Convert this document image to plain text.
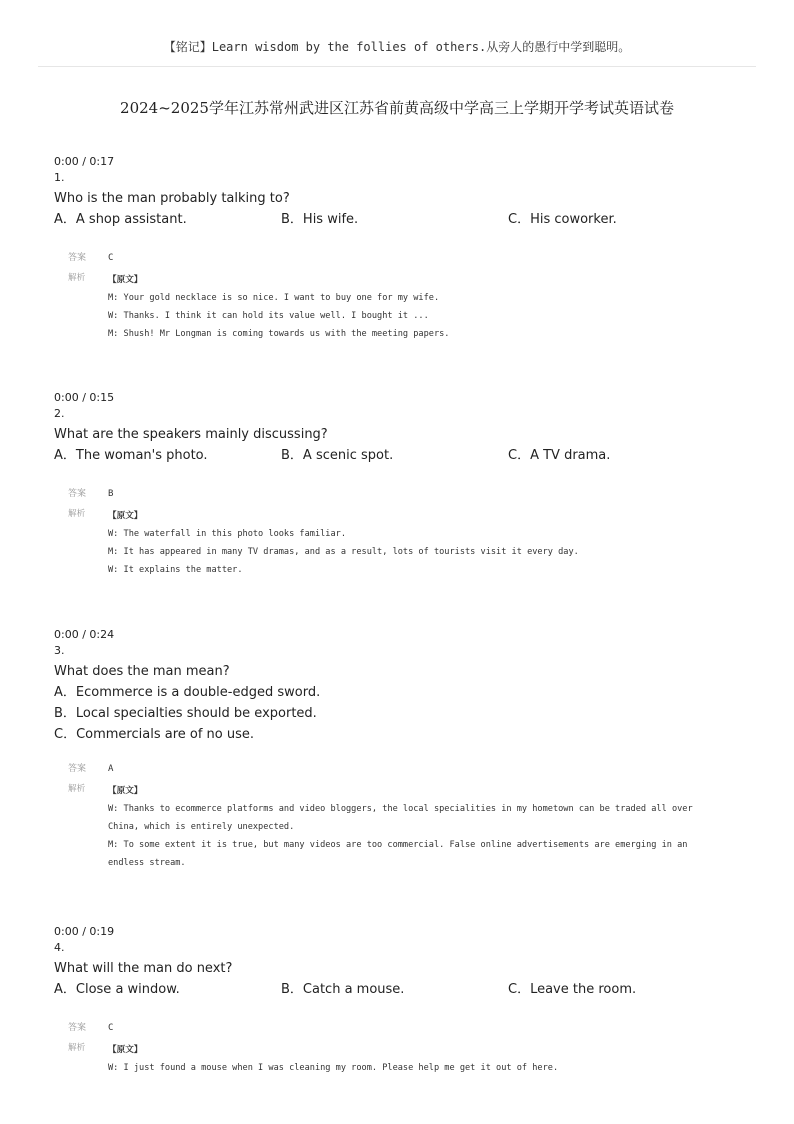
【铭记】Learn wisdom by the follies of others.从旁人的愚行中学到聪明。
2024~2025学年江苏常州武进区江苏省前黄高级中学高三上学期开学考试英语试卷
0:00 / 0:17
1.
Who is the man probably talking to?
A．A shop assistant.	B．His wife.	C．His coworker.
答案 C
解析	【原文】
M: Your gold necklace is so nice. I want to buy one for my wife.
W: Thanks. I think it can hold its value well. I bought it ...
M: Shush! Mr Longman is coming towards us with the meeting papers.
0:00 / 0:15
2.
What are the speakers mainly discussing?
A．The woman's photo.	B．A scenic spot.	C．A TV drama.
答案 B
解析	【原文】
W: The waterfall in this photo looks familiar.
M: It has appeared in many TV dramas, and as a result, lots of tourists visit it every day.
W: It explains the matter.
0:00 / 0:24
3.
What does the man mean?
A．Ecommerce is a double-edged sword.
B．Local specialties should be exported.
C．Commercials are of no use.
答案 A
解析	【原文】
W: Thanks to ecommerce platforms and video bloggers, the local specialities in my hometown can be traded all over
China, which is entirely unexpected.
M: To some extent it is true, but many videos are too commercial. False online advertisements are emerging in an
endless stream.
0:00 / 0:19
4.
What will the man do next?
A．Close a window.	B．Catch a mouse.	C．Leave the room.
答案 C
解析	【原文】
W: I just found a mouse when I was cleaning my room. Please help me get it out of here.
